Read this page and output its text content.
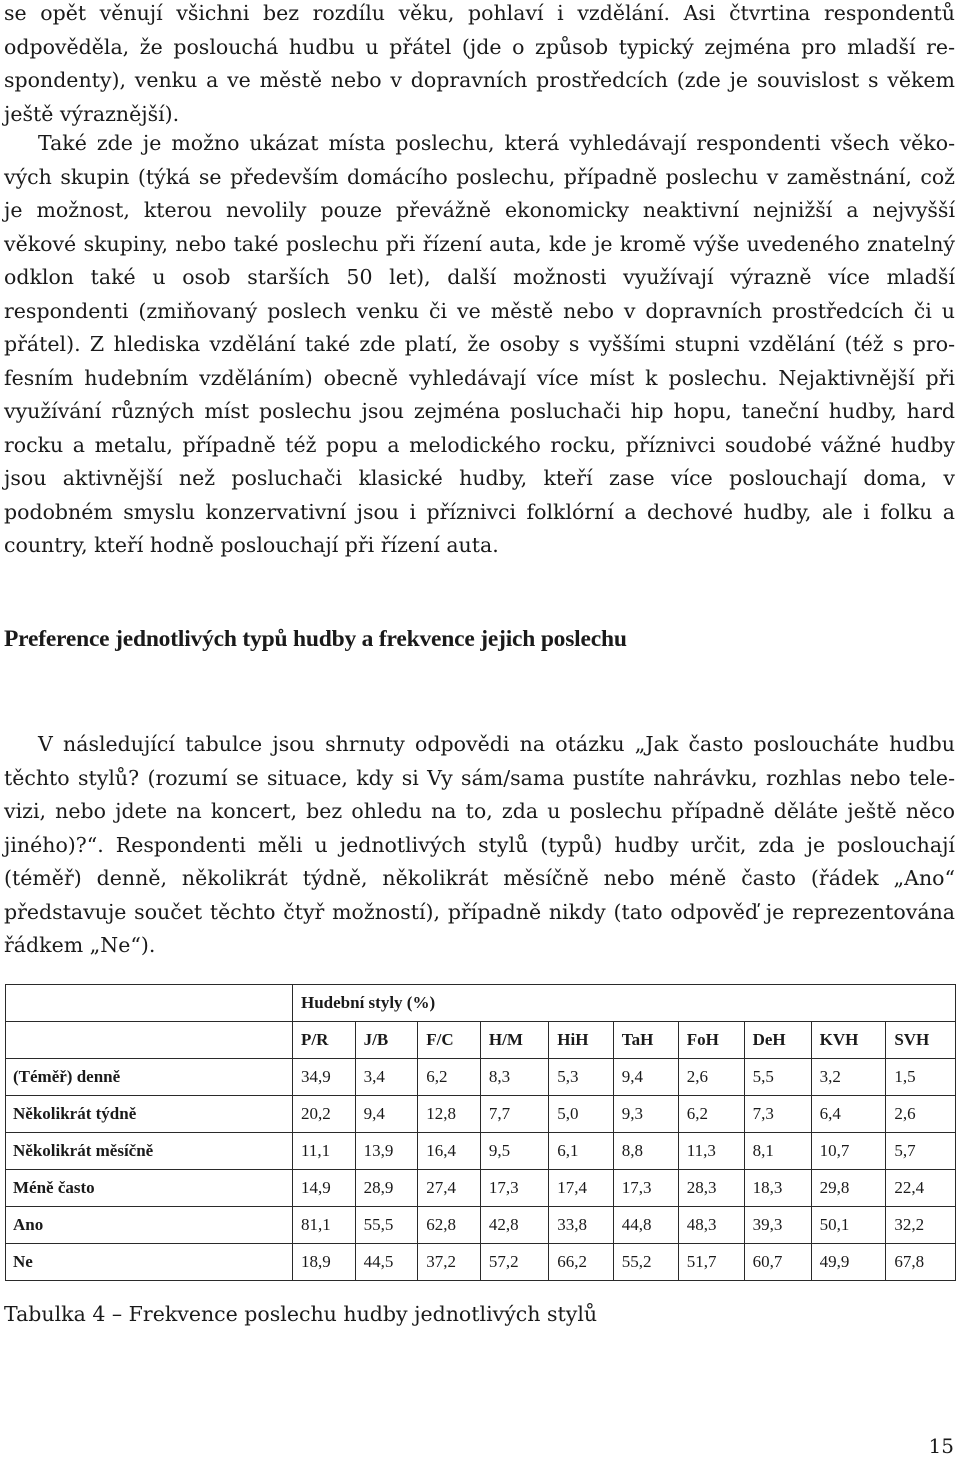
se opět věnují všichni bez rozdílu věku, pohlaví i vzdělání. Asi čtvrtina respondentů odpověděla, že poslouchá hudbu u přátel (jde o způsob typický zejména pro mladší respondenty), venku a ve městě nebo v dopravních prostředcích (zde je souvislost s věkem ještě výraznější).

Také zde je možno ukázat místa poslechu, která vyhledávají respondenti všech věkových skupin (týká se především domácího poslechu, případně poslechu v zaměstnání, což je možnost, kterou nevolily pouze převážně ekonomicky neaktivní nejnižší a nejvyšší věkové skupiny, nebo také poslechu při řízení auta, kde je kromě výše uvedeného znatelný odklon také u osob starších 50 let), další možnosti využívají výrazně více mladší respondenti (zmiňovaný poslech venku či ve městě nebo v dopravních prostředcích či u přátel). Z hlediska vzdělání také zde platí, že osoby s vyššími stupni vzdělání (též s profesním hudebním vzděláním) obecně vyhledávají více míst k poslechu. Nejaktivnější při využívání různých míst poslechu jsou zejména posluchači hip hopu, taneční hudby, hard rocku a metalu, případně též popu a melodického rocku, příznivci soudobé vážné hudby jsou aktivnější než posluchači klasické hudby, kteří zase více poslouchají doma, v podobném smyslu konzervativní jsou i příznivci folklórní a dechové hudby, ale i folku a country, kteří hodně poslouchají při řízení auta.

Preference jednotlivých typů hudby a frekvence jejich poslechu

V následující tabulce jsou shrnuty odpovědi na otázku „Jak často posloucháte hudbu těchto stylů? (rozumí se situace, kdy si Vy sám/sama pustíte nahrávku, rozhlas nebo televizi, nebo jdete na koncert, bez ohledu na to, zda u poslechu případně děláte ještě něco jiného)?“. Respondenti měli u jednotlivých stylů (typů) hudby určit, zda je poslouchají (téměř) denně, několikrát týdně, několikrát měsíčně nebo méně často (řádek „Ano“ představuje součet těchto čtyř možností), případně nikdy (tato odpověď je reprezentována řádkem „Ne“).

	Hudební styly (%)									
	P/R	J/B	F/C	H/M	HiH	TaH	FoH	DeH	KVH	SVH
(Téměř) denně	34,9	3,4	6,2	8,3	5,3	9,4	2,6	5,5	3,2	1,5
Několikrát týdně	20,2	9,4	12,8	7,7	5,0	9,3	6,2	7,3	6,4	2,6
Několikrát měsíčně	11,1	13,9	16,4	9,5	6,1	8,8	11,3	8,1	10,7	5,7
Méně často	14,9	28,9	27,4	17,3	17,4	17,3	28,3	18,3	29,8	22,4
Ano	81,1	55,5	62,8	42,8	33,8	44,8	48,3	39,3	50,1	32,2
Ne	18,9	44,5	37,2	57,2	66,2	55,2	51,7	60,7	49,9	67,8

Tabulka 4 – Frekvence poslechu hudby jednotlivých stylů

15
